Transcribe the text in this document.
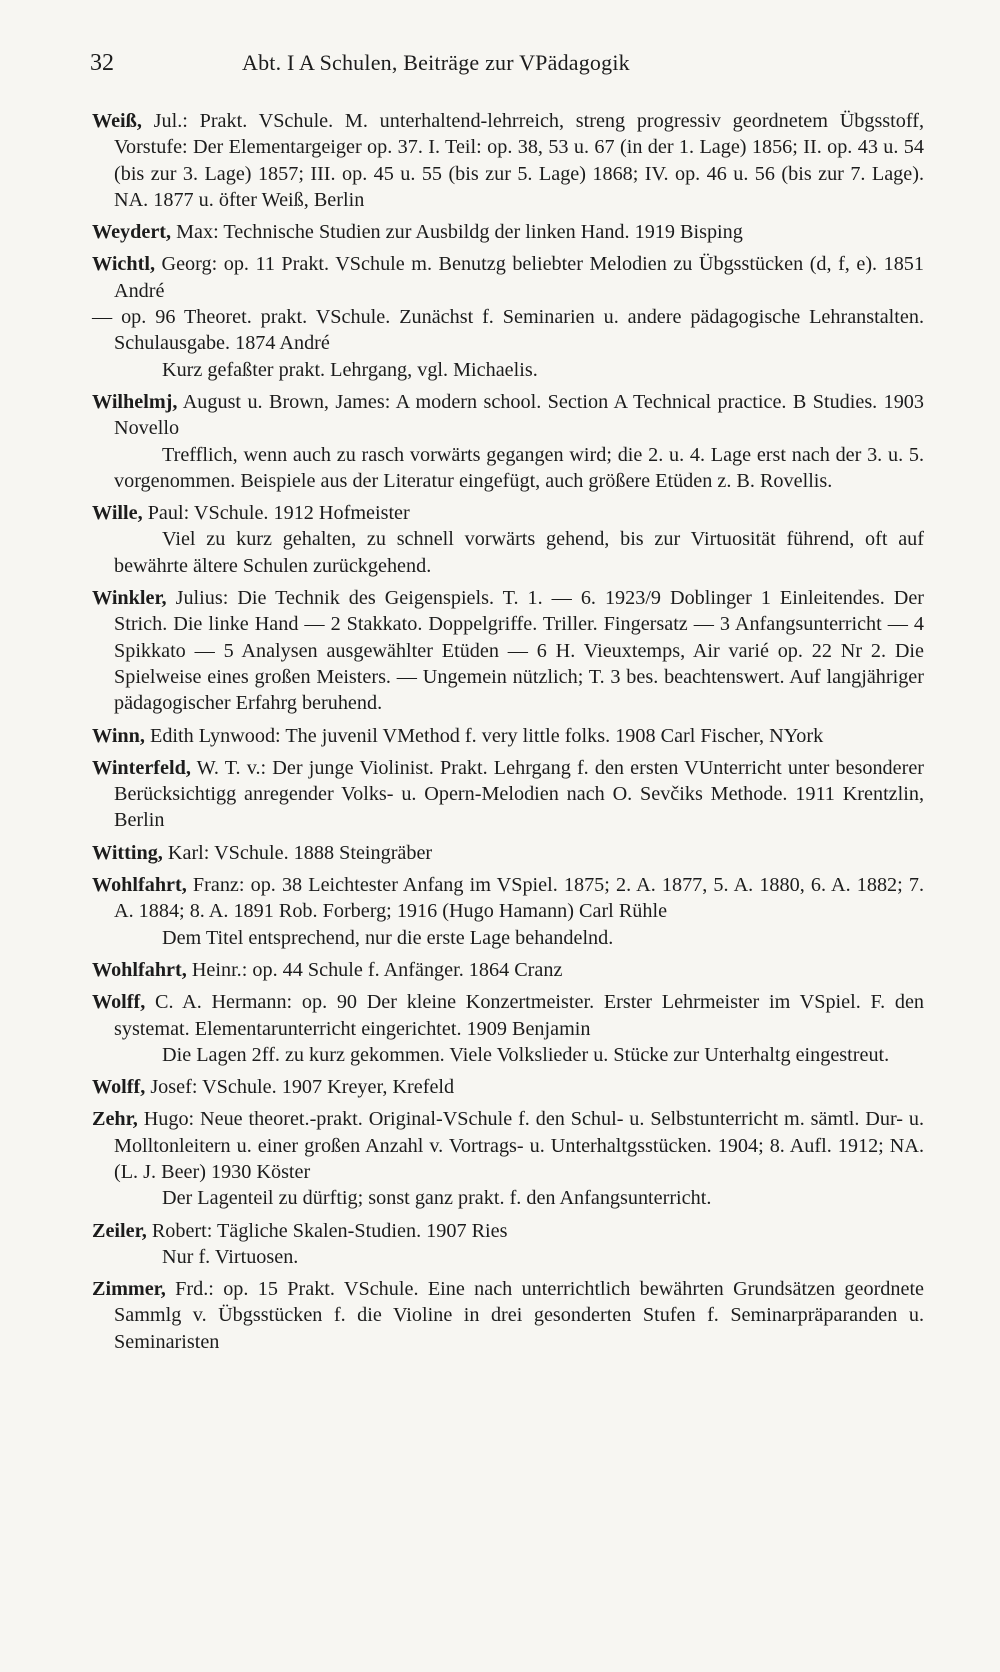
32	Abt. I A Schulen, Beiträge zur VPädagogik
Weiß, Jul.: Prakt. VSchule. M. unterhaltend-lehrreich, streng progressiv geordnetem Übgsstoff, Vorstufe: Der Elementargeiger op. 37. I. Teil: op. 38, 53 u. 67 (in der 1. Lage) 1856; II. op. 43 u. 54 (bis zur 3. Lage) 1857; III. op. 45 u. 55 (bis zur 5. Lage) 1868; IV. op. 46 u. 56 (bis zur 7. Lage). NA. 1877 u. öfter Weiß, Berlin
Weydert, Max: Technische Studien zur Ausbildg der linken Hand. 1919 Bisping
Wichtl, Georg: op. 11 Prakt. VSchule m. Benutzg beliebter Melodien zu Übgsstücken (d, f, e). 1851 André

— op. 96 Theoret. prakt. VSchule. Zunächst f. Seminarien u. andere pädagogische Lehranstalten. Schulausgabe. 1874 André

Kurz gefaßter prakt. Lehrgang, vgl. Michaelis.

Wilhelmj, August u. Brown, James: A modern school. Section A Technical practice. B Studies. 1903 Novello

Trefflich, wenn auch zu rasch vorwärts gegangen wird; die 2. u. 4. Lage erst nach der 3. u. 5. vorgenommen. Beispiele aus der Literatur eingefügt, auch größere Etüden z. B. Rovellis.

Wille, Paul: VSchule. 1912 Hofmeister

Viel zu kurz gehalten, zu schnell vorwärts gehend, bis zur Virtuosität führend, oft auf bewährte ältere Schulen zurückgehend.

Winkler, Julius: Die Technik des Geigenspiels. T. 1. — 6. 1923/9 Doblinger 1 Einleitendes. Der Strich. Die linke Hand — 2 Stakkato. Doppelgriffe. Triller. Fingersatz — 3 Anfangsunterricht — 4 Spikkato — 5 Analysen ausgewählter Etüden — 6 H. Vieuxtemps, Air varié op. 22 Nr 2. Die Spielweise eines großen Meisters. — Ungemein nützlich; T. 3 bes. beachtenswert. Auf langjähriger pädagogischer Erfahrg beruhend.
Winn, Edith Lynwood: The juvenil VMethod f. very little folks. 1908 Carl Fischer, NYork
Winterfeld, W. T. v.: Der junge Violinist. Prakt. Lehrgang f. den ersten VUnterricht unter besonderer Berücksichtigg anregender Volks- u. Opern-Melodien nach O. Sevčiks Methode. 1911 Krentzlin, Berlin
Witting, Karl: VSchule. 1888 Steingräber
Wohlfahrt, Franz: op. 38 Leichtester Anfang im VSpiel. 1875; 2. A. 1877, 5. A. 1880, 6. A. 1882; 7. A. 1884; 8. A. 1891 Rob. Forberg; 1916 (Hugo Hamann) Carl Rühle

Dem Titel entsprechend, nur die erste Lage behandelnd.

Wohlfahrt, Heinr.: op. 44 Schule f. Anfänger. 1864 Cranz
Wolff, C. A. Hermann: op. 90 Der kleine Konzertmeister. Erster Lehrmeister im VSpiel. F. den systemat. Elementarunterricht eingerichtet. 1909 Benjamin

Die Lagen 2ff. zu kurz gekommen. Viele Volkslieder u. Stücke zur Unterhaltg eingestreut.

Wolff, Josef: VSchule. 1907 Kreyer, Krefeld
Zehr, Hugo: Neue theoret.-prakt. Original-VSchule f. den Schul- u. Selbstunterricht m. sämtl. Dur- u. Molltonleitern u. einer großen Anzahl v. Vortrags- u. Unterhaltgsstücken. 1904; 8. Aufl. 1912; NA. (L. J. Beer) 1930 Köster

Der Lagenteil zu dürftig; sonst ganz prakt. f. den Anfangsunterricht.

Zeiler, Robert: Tägliche Skalen-Studien. 1907 Ries

Nur f. Virtuosen.

Zimmer, Frd.: op. 15 Prakt. VSchule. Eine nach unterrichtlich bewährten Grundsätzen geordnete Sammlg v. Übgsstücken f. die Violine in drei gesonderten Stufen f. Seminarpräparanden u. Seminaristen
